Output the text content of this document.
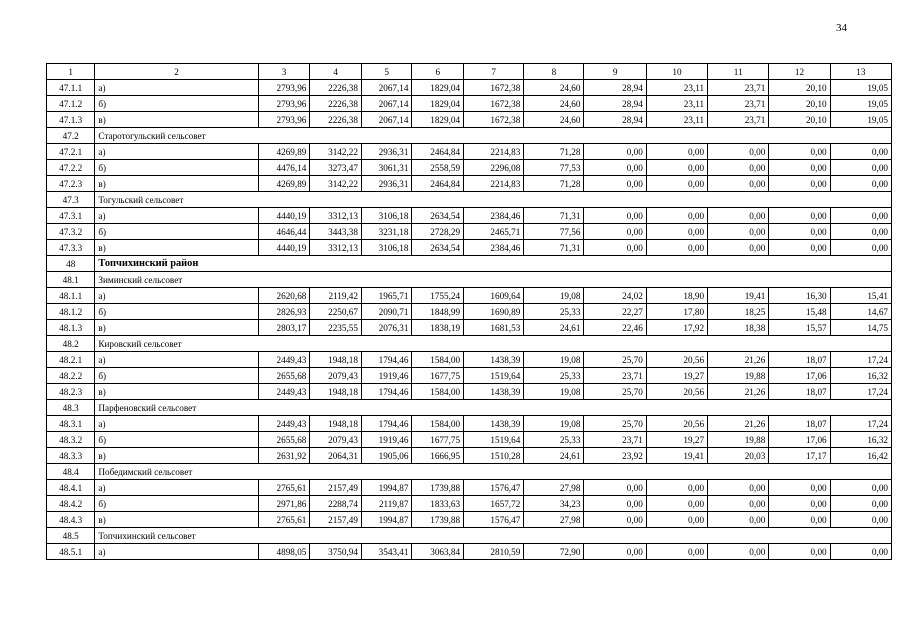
34
1	2	3	4	5	6	7	8	9	10	11	12	13
47.1.1	а)	2793,96	2226,38	2067,14	1829,04	1672,38	24,60	28,94	23,11	23,71	20,10	19,05
47.1.2	б)	2793,96	2226,38	2067,14	1829,04	1672,38	24,60	28,94	23,11	23,71	20,10	19,05
47.1.3	в)	2793,96	2226,38	2067,14	1829,04	1672,38	24,60	28,94	23,11	23,71	20,10	19,05
47.2	Старотогульский сельсовет											
47.2.1	а)	4269,89	3142,22	2936,31	2464,84	2214,83	71,28	0,00	0,00	0,00	0,00	0,00
47.2.2	б)	4476,14	3273,47	3061,31	2558,59	2296,08	77,53	0,00	0,00	0,00	0,00	0,00
47.2.3	в)	4269,89	3142,22	2936,31	2464,84	2214,83	71,28	0,00	0,00	0,00	0,00	0,00
47.3	Тогульский сельсовет											
47.3.1	а)	4440,19	3312,13	3106,18	2634,54	2384,46	71,31	0,00	0,00	0,00	0,00	0,00
47.3.2	б)	4646,44	3443,38	3231,18	2728,29	2465,71	77,56	0,00	0,00	0,00	0,00	0,00
47.3.3	в)	4440,19	3312,13	3106,18	2634,54	2384,46	71,31	0,00	0,00	0,00	0,00	0,00
48	Топчихинский район											
48.1	Зиминский сельсовет											
48.1.1	а)	2620,68	2119,42	1965,71	1755,24	1609,64	19,08	24,02	18,90	19,41	16,30	15,41
48.1.2	б)	2826,93	2250,67	2090,71	1848,99	1690,89	25,33	22,27	17,80	18,25	15,48	14,67
48.1.3	в)	2803,17	2235,55	2076,31	1838,19	1681,53	24,61	22,46	17,92	18,38	15,57	14,75
48.2	Кировский сельсовет											
48.2.1	а)	2449,43	1948,18	1794,46	1584,00	1438,39	19,08	25,70	20,56	21,26	18,07	17,24
48.2.2	б)	2655,68	2079,43	1919,46	1677,75	1519,64	25,33	23,71	19,27	19,88	17,06	16,32
48.2.3	в)	2449,43	1948,18	1794,46	1584,00	1438,39	19,08	25,70	20,56	21,26	18,07	17,24
48.3	Парфеновский сельсовет											
48.3.1	а)	2449,43	1948,18	1794,46	1584,00	1438,39	19,08	25,70	20,56	21,26	18,07	17,24
48.3.2	б)	2655,68	2079,43	1919,46	1677,75	1519,64	25,33	23,71	19,27	19,88	17,06	16,32
48.3.3	в)	2631,92	2064,31	1905,06	1666,95	1510,28	24,61	23,92	19,41	20,03	17,17	16,42
48.4	Победимский сельсовет											
48.4.1	а)	2765,61	2157,49	1994,87	1739,88	1576,47	27,98	0,00	0,00	0,00	0,00	0,00
48.4.2	б)	2971,86	2288,74	2119,87	1833,63	1657,72	34,23	0,00	0,00	0,00	0,00	0,00
48.4.3	в)	2765,61	2157,49	1994,87	1739,88	1576,47	27,98	0,00	0,00	0,00	0,00	0,00
48.5	Топчихинский сельсовет											
48.5.1	а)	4898,05	3750,94	3543,41	3063,84	2810,59	72,90	0,00	0,00	0,00	0,00	0,00
